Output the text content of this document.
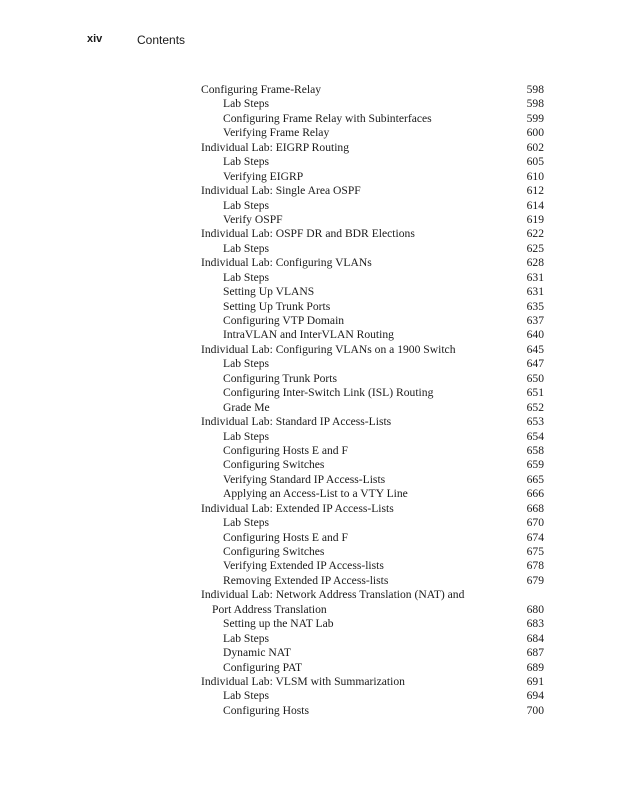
xiv	Contents
Configuring Frame-Relay	598
Lab Steps	598
Configuring Frame Relay with Subinterfaces	599
Verifying Frame Relay	600
Individual Lab: EIGRP Routing	602
Lab Steps	605
Verifying EIGRP	610
Individual Lab: Single Area OSPF	612
Lab Steps	614
Verify OSPF	619
Individual Lab: OSPF DR and BDR Elections	622
Lab Steps	625
Individual Lab: Configuring VLANs	628
Lab Steps	631
Setting Up VLANS	631
Setting Up Trunk Ports	635
Configuring VTP Domain	637
IntraVLAN and InterVLAN Routing	640
Individual Lab: Configuring VLANs on a 1900 Switch	645
Lab Steps	647
Configuring Trunk Ports	650
Configuring Inter-Switch Link (ISL) Routing	651
Grade Me	652
Individual Lab: Standard IP Access-Lists	653
Lab Steps	654
Configuring Hosts E and F	658
Configuring Switches	659
Verifying Standard IP Access-Lists	665
Applying an Access-List to a VTY Line	666
Individual Lab: Extended IP Access-Lists	668
Lab Steps	670
Configuring Hosts E and F	674
Configuring Switches	675
Verifying Extended IP Access-lists	678
Removing Extended IP Access-lists	679
Individual Lab: Network Address Translation (NAT) and
Port Address Translation	680
Setting up the NAT Lab	683
Lab Steps	684
Dynamic NAT	687
Configuring PAT	689
Individual Lab: VLSM with Summarization	691
Lab Steps	694
Configuring Hosts	700
